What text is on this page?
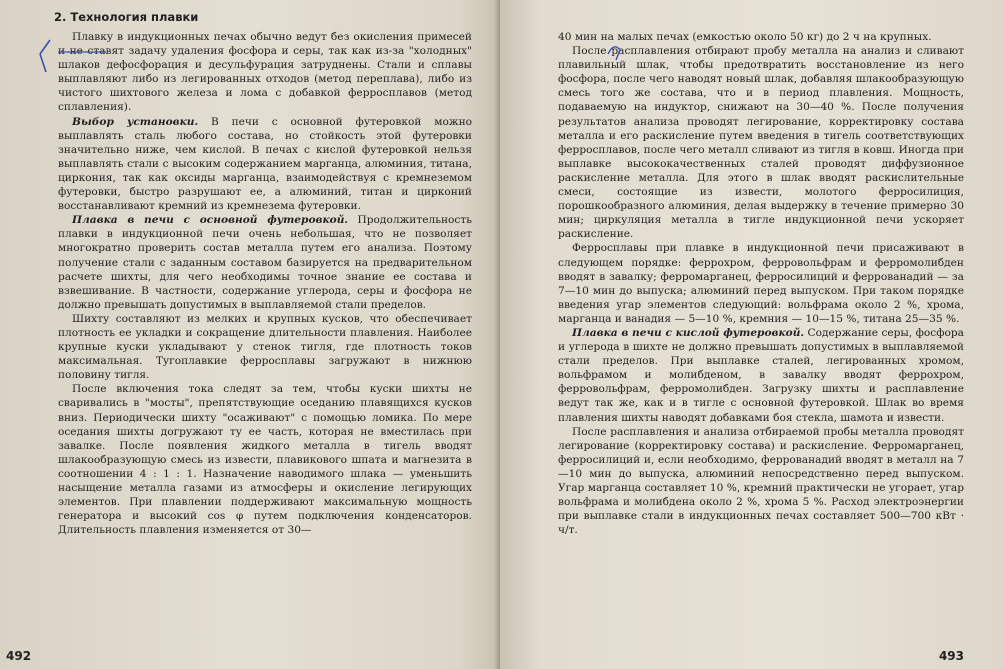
2. Технология плавки

Плавку в индукционных печах обычно ведут без окисления примесей и не ставят задачу удаления фосфора и серы, так как из-за "холодных" шлаков дефосфорация и десульфурация затруднены. Стали и сплавы выплавляют либо из легированных отходов (метод переплава), либо из чистого шихтового железа и лома с добавкой ферросплавов (метод сплавления).

Выбор установки. В печи с основной футеровкой можно выплавлять сталь любого состава, но стойкость этой футеровки значительно ниже, чем кислой. В печах с кислой футеровкой нельзя выплавлять стали с высоким содержанием марганца, алюминия, титана, циркония, так как оксиды марганца, взаимодействуя с кремнеземом футеровки, быстро разрушают ее, а алюминий, титан и цирконий восстанавливают кремний из кремнезема футеровки.

Плавка в печи с основной футеровкой. Продолжительность плавки в индукционной печи очень небольшая, что не позволяет многократно проверить состав металла путем его анализа. Поэтому получение стали с заданным составом базируется на предварительном расчете шихты, для чего необходимы точное знание ее состава и взвешивание. В частности, содержание углерода, серы и фосфора не должно превышать допустимых в выплавляемой стали пределов.

Шихту составляют из мелких и крупных кусков, что обеспечивает плотность ее укладки и сокращение длительности плавления. Наиболее крупные куски укладывают у стенок тигля, где плотность токов максимальная. Тугоплавкие ферросплавы загружают в нижнюю половину тигля.

После включения тока следят за тем, чтобы куски шихты не сваривались в "мосты", препятствующие оседанию плавящихся кусков вниз. Периодически шихту "осаживают" с помощью ломика. По мере оседания шихты догружают ту ее часть, которая не вместилась при завалке. После появления жидкого металла в тигель вводят шлакообразующую смесь из извести, плавикового шпата и магнезита в соотношении 4 : 1 : 1. Назначение наводимого шлака — уменьшить насыщение металла газами из атмосферы и окисление легирующих элементов. При плавлении поддерживают максимальную мощность генератора и высокий cos φ путем подключения конденсаторов. Длительность плавления изменяется от 30—

492

40 мин на малых печах (емкостью около 50 кг) до 2 ч на крупных.

После расплавления отбирают пробу металла на анализ и сливают плавильный шлак, чтобы предотвратить восстановление из него фосфора, после чего наводят новый шлак, добавляя шлакообразующую смесь того же состава, что и в период плавления. Мощность, подаваемую на индуктор, снижают на 30—40 %. После получения результатов анализа проводят легирование, корректировку состава металла и его раскисление путем введения в тигель соответствующих ферросплавов, после чего металл сливают из тигля в ковш. Иногда при выплавке высококачественных сталей проводят диффузионное раскисление металла. Для этого в шлак вводят раскислительные смеси, состоящие из извести, молотого ферросилиция, порошкообразного алюминия, делая выдержку в течение примерно 30 мин; циркуляция металла в тигле индукционной печи ускоряет раскисление.

Ферросплавы при плавке в индукционной печи присаживают в следующем порядке: феррохром, ферровольфрам и ферромолибден вводят в завалку; ферромарганец, ферросилиций и феррованадий — за 7—10 мин до выпуска; алюминий перед выпуском. При таком порядке введения угар элементов следующий: вольфрама около 2 %, хрома, марганца и ванадия — 5—10 %, кремния — 10—15 %, титана 25—35 %.

Плавка в печи с кислой футеровкой. Содержание серы, фосфора и углерода в шихте не должно превышать допустимых в выплавляемой стали пределов. При выплавке сталей, легированных хромом, вольфрамом и молибденом, в завалку вводят феррохром, ферровольфрам, ферромолибден. Загрузку шихты и расплавление ведут так же, как и в тигле с основной футеровкой. Шлак во время плавления шихты наводят добавками боя стекла, шамота и извести.

После расплавления и анализа отбираемой пробы металла проводят легирование (корректировку состава) и раскисление. Ферромарганец, ферросилиций и, если необходимо, феррованадий вводят в металл на 7—10 мин до выпуска, алюминий непосредственно перед выпуском. Угар марганца составляет 10 %, кремний практически не угорает, угар вольфрама и молибдена около 2 %, хрома 5 %. Расход электроэнергии при выплавке стали в индукционных печах составляет 500—700 кВт · ч/т.

493
